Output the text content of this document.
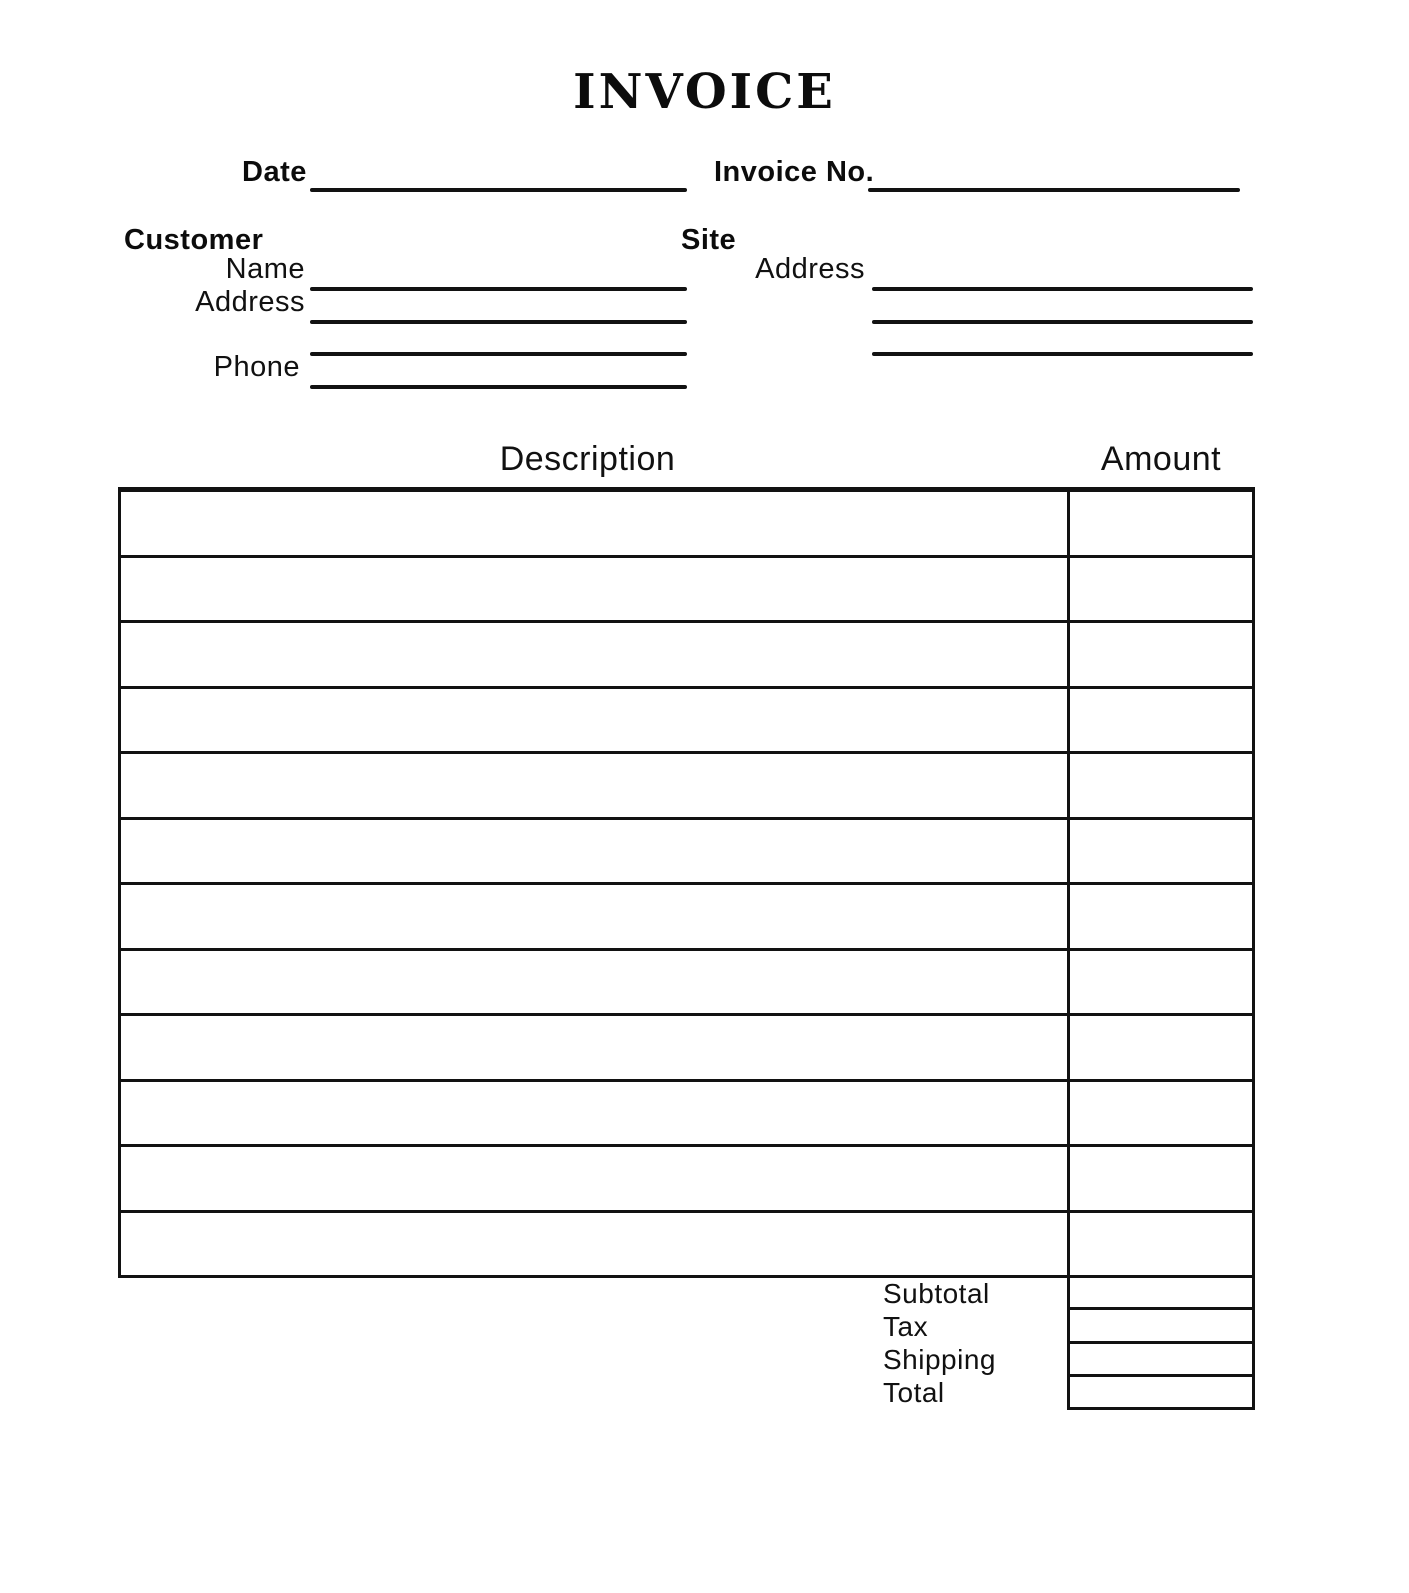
INVOICE
Date	Invoice No.
Customer
Name
Address
Phone
Site
Address
Description	Amount
Subtotal
Tax
Shipping
Total
